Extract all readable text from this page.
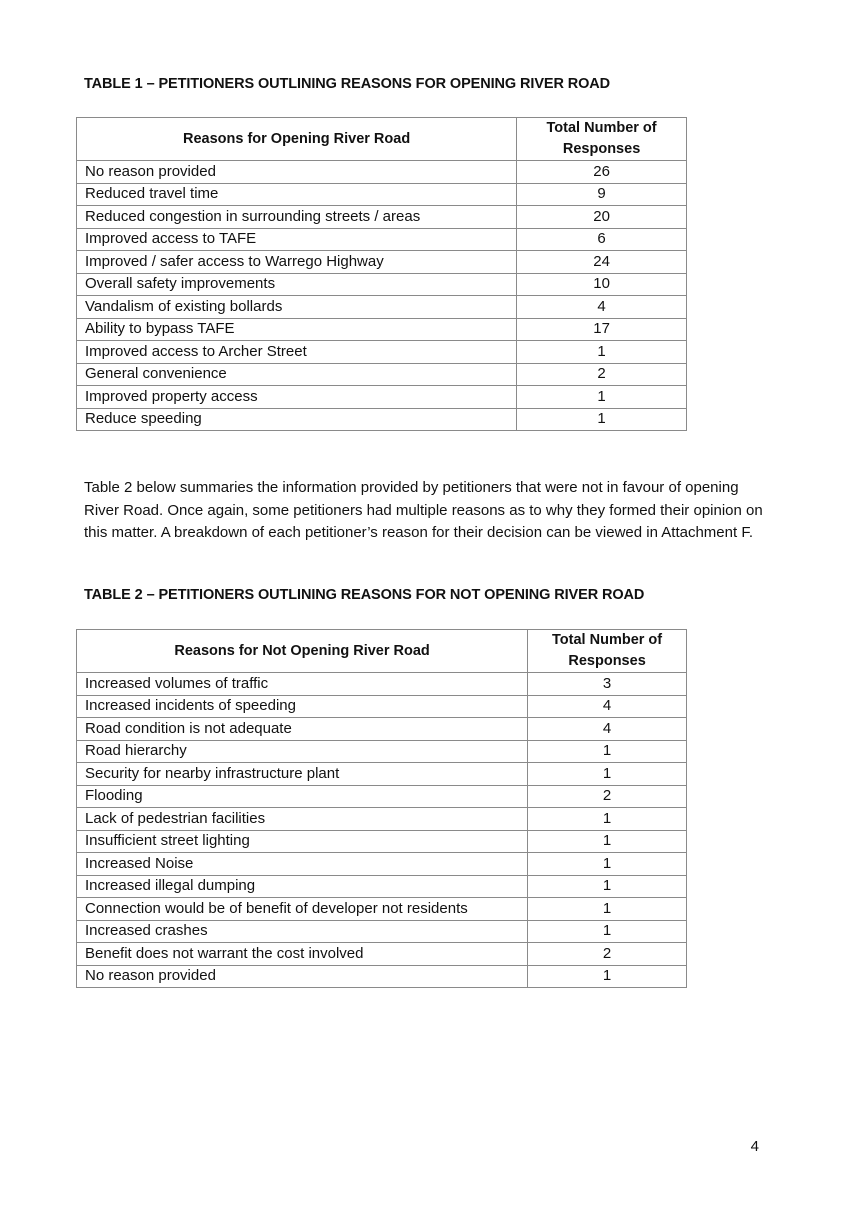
TABLE 1 – PETITIONERS OUTLINING REASONS FOR OPENING RIVER ROAD
Reasons for Opening River Road	Total Number of Responses
No reason provided	26
Reduced travel time	9
Reduced congestion in surrounding streets / areas	20
Improved access to TAFE	6
Improved / safer access to Warrego Highway	24
Overall safety improvements	10
Vandalism of existing bollards	4
Ability to bypass TAFE	17
Improved access to Archer Street	1
General convenience	2
Improved property access	1
Reduce speeding	1
Table 2 below summaries the information provided by petitioners that were not in favour of opening River Road. Once again, some petitioners had multiple reasons as to why they formed their opinion on this matter. A breakdown of each petitioner’s reason for their decision can be viewed in Attachment F.
TABLE 2 – PETITIONERS OUTLINING REASONS FOR NOT OPENING RIVER ROAD
Reasons for Not Opening River Road	Total Number of Responses
Increased volumes of traffic	3
Increased incidents of speeding	4
Road condition is not adequate	4
Road hierarchy	1
Security for nearby infrastructure plant	1
Flooding	2
Lack of pedestrian facilities	1
Insufficient street lighting	1
Increased Noise	1
Increased illegal dumping	1
Connection would be of benefit of developer not residents	1
Increased crashes	1
Benefit does not warrant the cost involved	2
No reason provided	1
4
